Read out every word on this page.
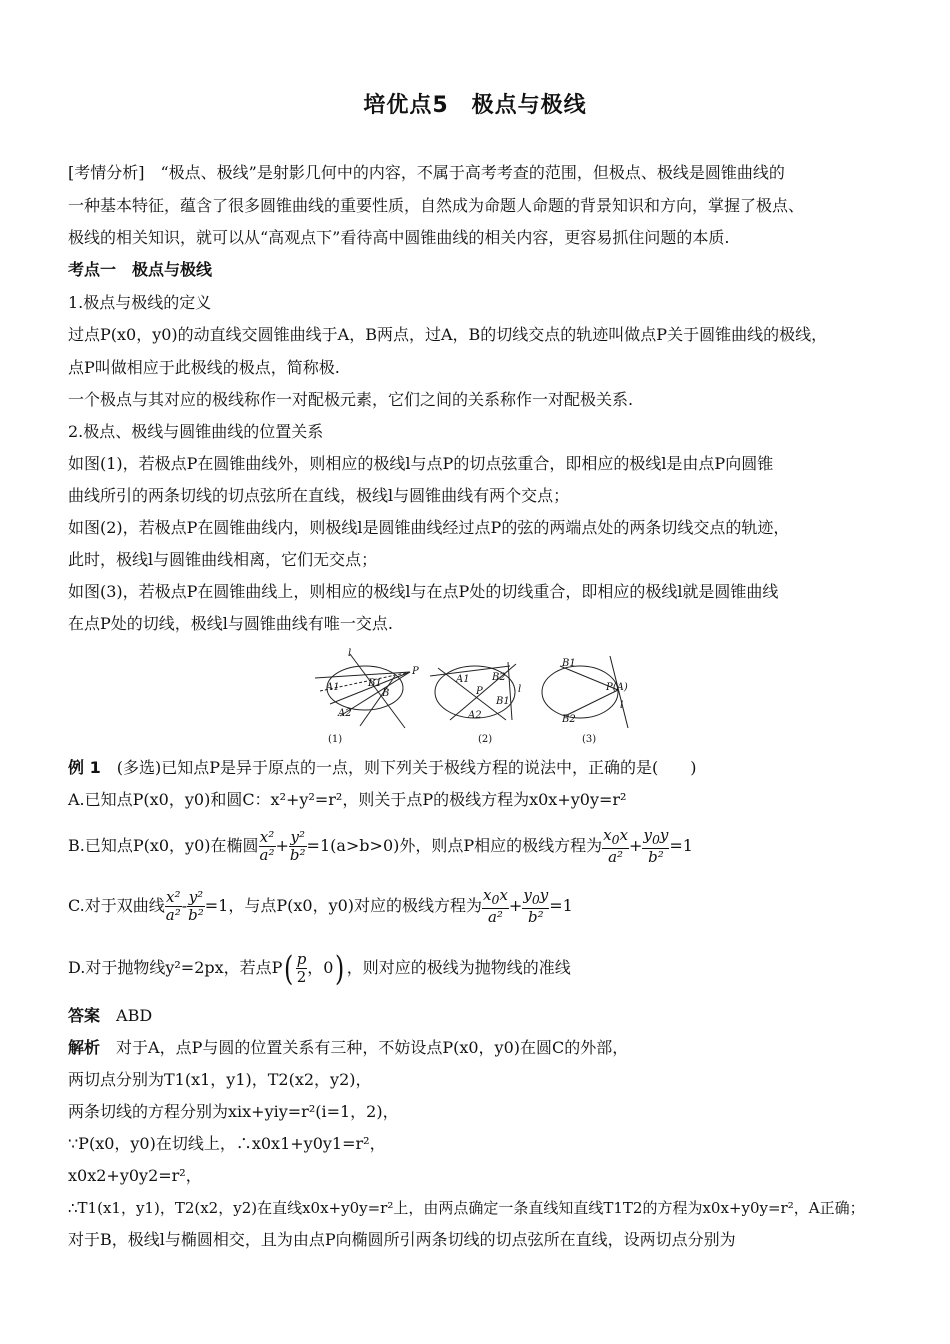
培优点5　极点与极线
[考情分析]　“极点、极线”是射影几何中的内容，不属于高考考查的范围，但极点、极线是圆锥曲线的
一种基本特征，蕴含了很多圆锥曲线的重要性质，自然成为命题人命题的背景知识和方向，掌握了极点、
极线的相关知识，就可以从“高观点下”看待高中圆锥曲线的相关内容，更容易抓住问题的本质.
考点一　极点与极线
1.极点与极线的定义
过点P(x0，y0)的动直线交圆锥曲线于A，B两点，过A，B的切线交点的轨迹叫做点P关于圆锥曲线的极线，
点P叫做相应于此极线的极点，简称极.
一个极点与其对应的极线称作一对配极元素，它们之间的关系称作一对配极关系.
2.极点、极线与圆锥曲线的位置关系
如图(1)，若极点P在圆锥曲线外，则相应的极线l与点P的切点弦重合，即相应的极线l是由点P向圆锥
曲线所引的两条切线的切点弦所在直线，极线l与圆锥曲线有两个交点；
如图(2)，若极点P在圆锥曲线内，则极线l是圆锥曲线经过点P的弦的两端点处的两条切线交点的轨迹，
此时，极线l与圆锥曲线相离，它们无交点；
如图(3)，若极点P在圆锥曲线上，则相应的极线l与在点P处的切线重合，即相应的极线l就是圆锥曲线
在点P处的切线，极线l与圆锥曲线有唯一交点.
l
P
A1	B1
B
A2
A1 B2
P
B1
A2
l
B1
P(A)
l
B2
(1)	(2)	(3)
例 1　(多选)已知点P是异于原点的一点，则下列关于极线方程的说法中，正确的是(　　)
A.已知点P(x0，y0)和圆C：x²+y²=r²，则关于点P的极线方程为x0x+y0y=r²
B.已知点P(x0，y0)在椭圆 $\frac{\text{x²}}{\text{a²}} + \frac{\text{y²}}{\text{b²}} =1(a>b>0)$外，则点P相应的极线方程为 $\frac{x_0x}{\text{a²}} + \frac{y_0y}{\text{b²}} =1$
C.对于双曲线 $\frac{\text{x²}}{\text{a²}} - \frac{\text{y²}}{\text{b²}} =1$，与点P(x0，y0)对应的极线方程为 $\frac{x_0x}{\text{a²}} + \frac{y_0y}{\text{b²}} =1$
D.对于抛物线y²=2px，若点$P( \frac{p}{2}$ ，0) ，则对应的极线为抛物线的准线
答案　 ABD
解析　对于A，点P与圆的位置关系有三种，不妨设点P(x0，y0)在圆C的外部，
两切点分别为T1(x1，y1)，T2(x2，y2)，
两条切线的方程分别为xix+yiy=r²(i=1，2)，
∵P(x0，y0)在切线上，∴x0x1+y0y1=r²，
x0x2+y0y2=r²，
∴T1(x1，y1)，T2(x2，y2)在直线x0x+y0y=r²上，由两点确定一条直线知直线T1T2的方程为x0x+y0y=r²，A正确；
对于B，极线l与椭圆相交，且为由点P向椭圆所引两条切线的切点弦所在直线，设两切点分别为
